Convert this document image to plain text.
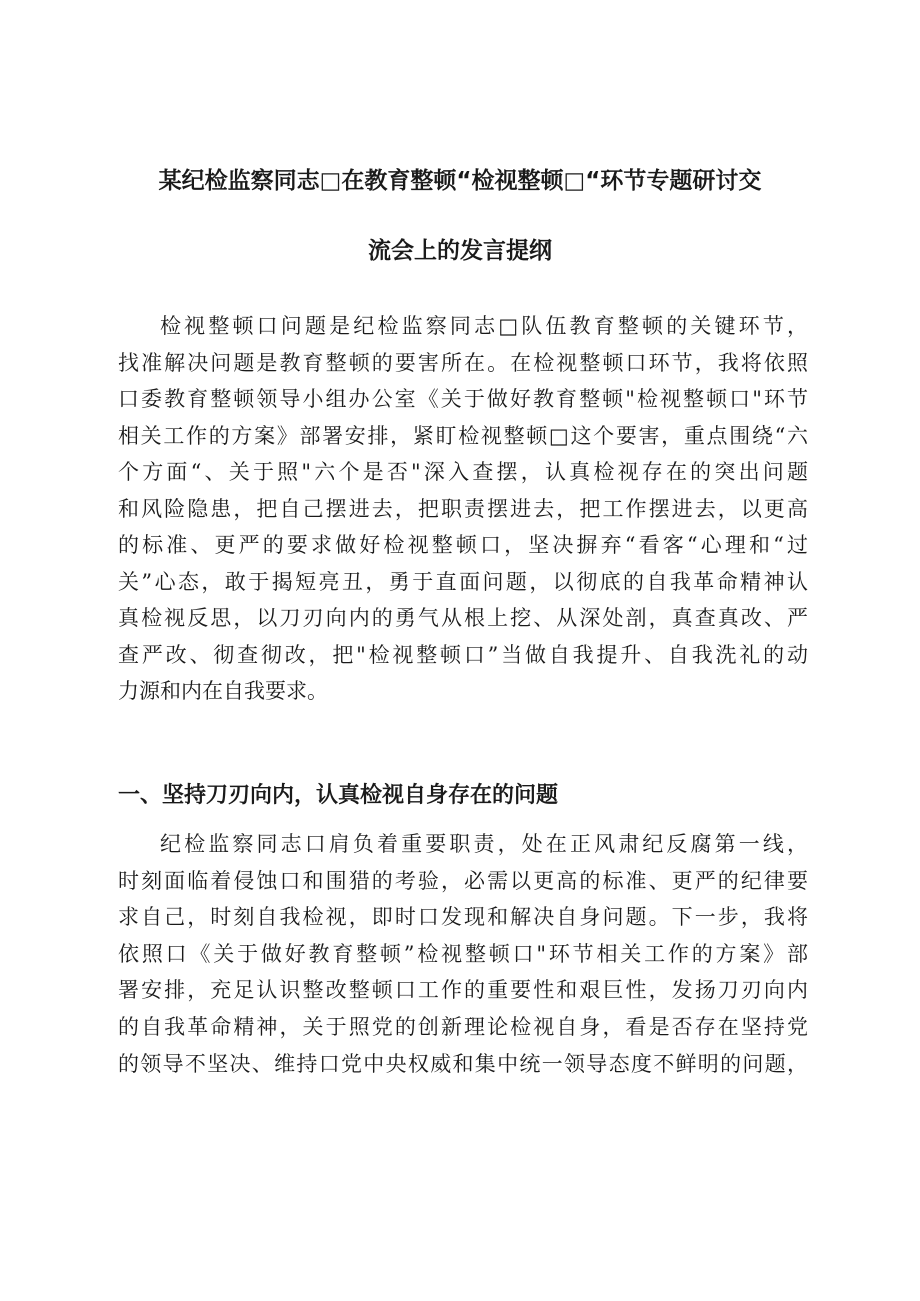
某纪检监察同志□在教育整顿“检视整顿□“环节专题研讨交
流会上的发言提纲
检视整顿口问题是纪检监察同志□队伍教育整顿的关键环节，
找准解决问题是教育整顿的要害所在。在检视整顿口环节，我将依照
口委教育整顿领导小组办公室《关于做好教育整顿"检视整顿口"环节
相关工作的方案》部署安排，紧盯检视整顿□这个要害，重点围绕“六
个方面“、关于照"六个是否"深入查摆，认真检视存在的突出问题
和风险隐患，把自己摆进去，把职责摆进去，把工作摆进去，以更高
的标准、更严的要求做好检视整顿口，坚决摒弃“看客“心理和“过
关”心态，敢于揭短亮丑，勇于直面问题，以彻底的自我革命精神认
真检视反思，以刀刃向内的勇气从根上挖、从深处剖，真查真改、严
查严改、彻查彻改，把"检视整顿口”当做自我提升、自我洗礼的动
力源和内在自我要求。
一、坚持刀刃向内，认真检视自身存在的问题
纪检监察同志口肩负着重要职责，处在正风肃纪反腐第一线，
时刻面临着侵蚀口和围猎的考验，必需以更高的标准、更严的纪律要
求自己，时刻自我检视，即时口发现和解决自身问题。下一步，我将
依照口《关于做好教育整顿”检视整顿口"环节相关工作的方案》部
署安排，充足认识整改整顿口工作的重要性和艰巨性，发扬刀刃向内
的自我革命精神，关于照党的创新理论检视自身，看是否存在坚持党
的领导不坚决、维持口党中央权威和集中统一领导态度不鲜明的问题，
